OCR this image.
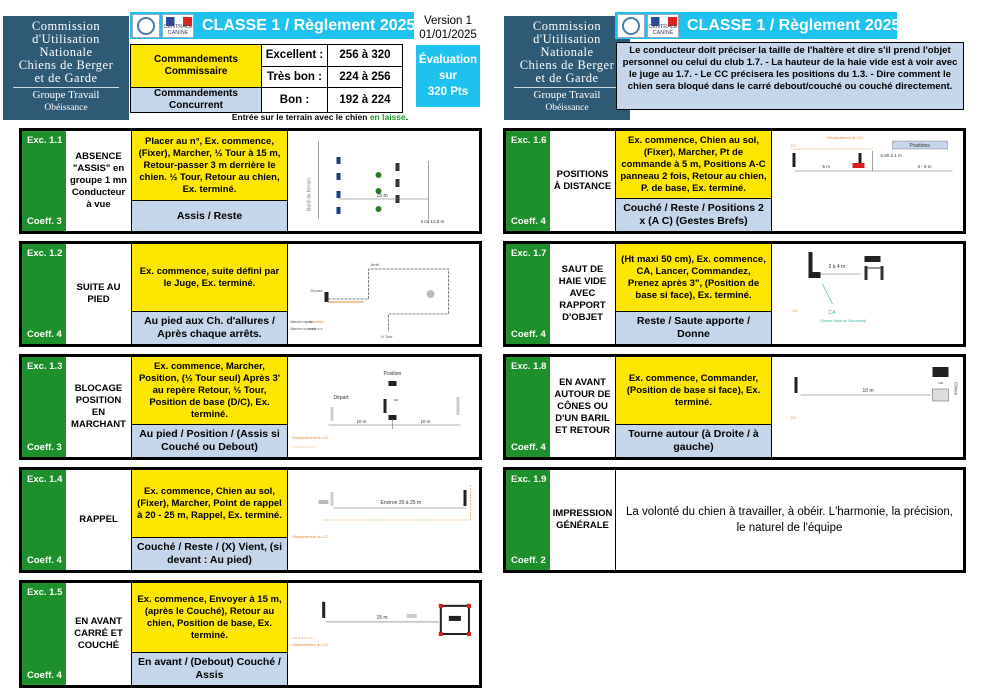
Commission
d'Utilisation
Nationale
Chiens de Berger
et de Garde
Groupe Travail
Obéissance
CENTRALE CANINE CLASSE 1 / Règlement 2025 Version 1
01/01/2025
Commandements Commissaire	Excellent :	256 à 320
	Très bon :	224 à 256
Commandements Concurrent	Bon :	192 à 224
Évaluation
sur
320 Pts
Entrée sur le terrain avec le chien en laisse.
Commission
d'Utilisation
Nationale
Chiens de Berger
et de Garde
Groupe Travail
Obéissance
CENTRALE CANINE CLASSE 1 / Règlement 2025
Le conducteur doit préciser la taille de l'haltère et dire s'il prend l'objet personnel ou celui du club 1.7. - La hauteur de la haie vide est à voir avec le juge au 1.7. - Le CC précisera les positions du 1.3. - Dire comment le chien sera bloqué dans le carré debout/couché ou couché directement.
Exc. 1.1
Coeff. 3
ABSENCE "ASSIS" en groupe 1 mn Conducteur à vue
Placer au n°, Ex. commence, (Fixer), Marcher, ½ Tour à 15 m, Retour-passer 3 m derrière le chien. ½ Tour, Retour au chien, Ex. terminé.
Assis / Reste
Bord du terrain	15 m
3 m, 13,5 m
Exc. 1.2
Coeff. 4
SUITE AU PIED
Ex. commence, suite défini par le Juge, Ex. terminé.
Au pied aux Ch. d'allures / Après chaque arrêts.
Arrêt
Départ
½ Tour
Marche rapide
Marche normale
Exc. 1.3
Coeff. 3
BLOCAGE POSITION EN MARCHANT
Ex. commence, Marcher, Position, (½ Tour seul) Après 3' au repère Retour, ½ Tour, Position de base (D/C), Ex. terminé.
Au pied / Position / (Assis si Couché ou Debout)
Départ
Position
ou
10 m	10 m
Déplacement du CC
Exc. 1.4
Coeff. 4
RAPPEL
Ex. commence, Chien au sol, (Fixer), Marcher, Point de rappel à 20 - 25 m, Rappel, Ex. terminé.
Couché / Reste / (X) Vient, (si devant : Au pied)
Environ 20 à 25 m
Déplacement du CC
Exc. 1.5
Coeff. 4
EN AVANT CARRÉ ET COUCHÉ
Ex. commence, Envoyer à 15 m, (après le Couché), Retour au chien, Position de base, Ex. terminé.
En avant / (Debout) Couché / Assis
15 m
Déplacement du CC
Exc. 1.6
Coeff. 4
POSITIONS À DISTANCE
Ex. commence, Chien au sol, (Fixer), Marcher, Pt de commande à 5 m, Positions A-C panneau 2 fois, Retour au chien, P. de base, Ex. terminé.
Couché / Reste / Positions 2 x (A C) (Gestes Brefs)
Déplacement du CC
CC	Positions
0,80 à 1 m
5 m	3 - 5 m
Exc. 1.7
Coeff. 4
SAUT DE HAIE VIDE AVEC RAPPORT D'OBJET
(Ht maxi 50 cm), Ex. commence, CA, Lancer, Commandez, Prenez après 3", (Position de base si face), Ex. terminé.
Reste / Saute apporte / Donne
2 à 4 m
CC	CA
(Donne l'objet au Concurrent)
Exc. 1.8
Coeff. 4
EN AVANT AUTOUR DE CÔNES OU D'UN BARIL ET RETOUR
Ex. commence, Commander, (Position de base si face), Ex. terminé.
Tourne autour (à Droite / à gauche)
10 m
CC
ou Cônes
Exc. 1.9
Coeff. 2
IMPRESSION GÉNÉRALE
La volonté du chien à travailler, à obéir. L'harmonie, la précision, le naturel de l'équipe
